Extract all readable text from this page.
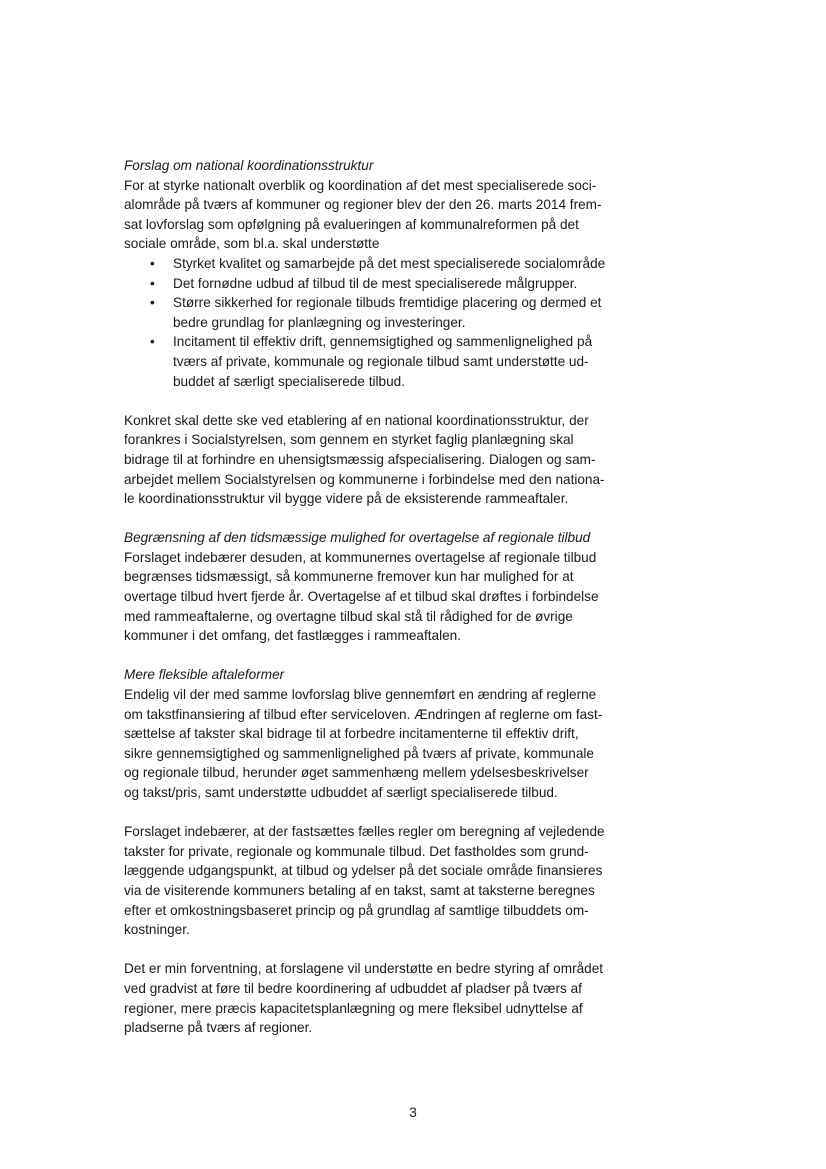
Forslag om national koordinationsstruktur

For at styrke nationalt overblik og koordination af det mest specialiserede soci-
alområde på tværs af kommuner og regioner blev der den 26. marts 2014 frem-
sat lovforslag som opfølgning på evalueringen af kommunalreformen på det
sociale område, som bl.a. skal understøtte

• Styrket kvalitet og samarbejde på det mest specialiserede socialområde
• Det fornødne udbud af tilbud til de mest specialiserede målgrupper.
• Større sikkerhed for regionale tilbuds fremtidige placering og dermed et
bedre grundlag for planlægning og investeringer.
• Incitament til effektiv drift, gennemsigtighed og sammenlignelighed på
tværs af private, kommunale og regionale tilbud samt understøtte ud-
buddet af særligt specialiserede tilbud.

Konkret skal dette ske ved etablering af en national koordinationsstruktur, der
forankres i Socialstyrelsen, som gennem en styrket faglig planlægning skal
bidrage til at forhindre en uhensigtsmæssig afspecialisering. Dialogen og sam-
arbejdet mellem Socialstyrelsen og kommunerne i forbindelse med den nationa-
le koordinationsstruktur vil bygge videre på de eksisterende rammeaftaler.

Begrænsning af den tidsmæssige mulighed for overtagelse af regionale tilbud

Forslaget indebærer desuden, at kommunernes overtagelse af regionale tilbud
begrænses tidsmæssigt, så kommunerne fremover kun har mulighed for at
overtage tilbud hvert fjerde år. Overtagelse af et tilbud skal drøftes i forbindelse
med rammeaftalerne, og overtagne tilbud skal stå til rådighed for de øvrige
kommuner i det omfang, det fastlægges i rammeaftalen.

Mere fleksible aftaleformer

Endelig vil der med samme lovforslag blive gennemført en ændring af reglerne
om takstfinansiering af tilbud efter serviceloven. Ændringen af reglerne om fast-
sættelse af takster skal bidrage til at forbedre incitamenterne til effektiv drift,
sikre gennemsigtighed og sammenlignelighed på tværs af private, kommunale
og regionale tilbud, herunder øget sammenhæng mellem ydelsesbeskrivelser
og takst/pris, samt understøtte udbuddet af særligt specialiserede tilbud.

Forslaget indebærer, at der fastsættes fælles regler om beregning af vejledende
takster for private, regionale og kommunale tilbud. Det fastholdes som grund-
læggende udgangspunkt, at tilbud og ydelser på det sociale område finansieres
via de visiterende kommuners betaling af en takst, samt at taksterne beregnes
efter et omkostningsbaseret princip og på grundlag af samtlige tilbuddets om-
kostninger.

Det er min forventning, at forslagene vil understøtte en bedre styring af området
ved gradvist at føre til bedre koordinering af udbuddet af pladser på tværs af
regioner, mere præcis kapacitetsplanlægning og mere fleksibel udnyttelse af
pladserne på tværs af regioner.

3
